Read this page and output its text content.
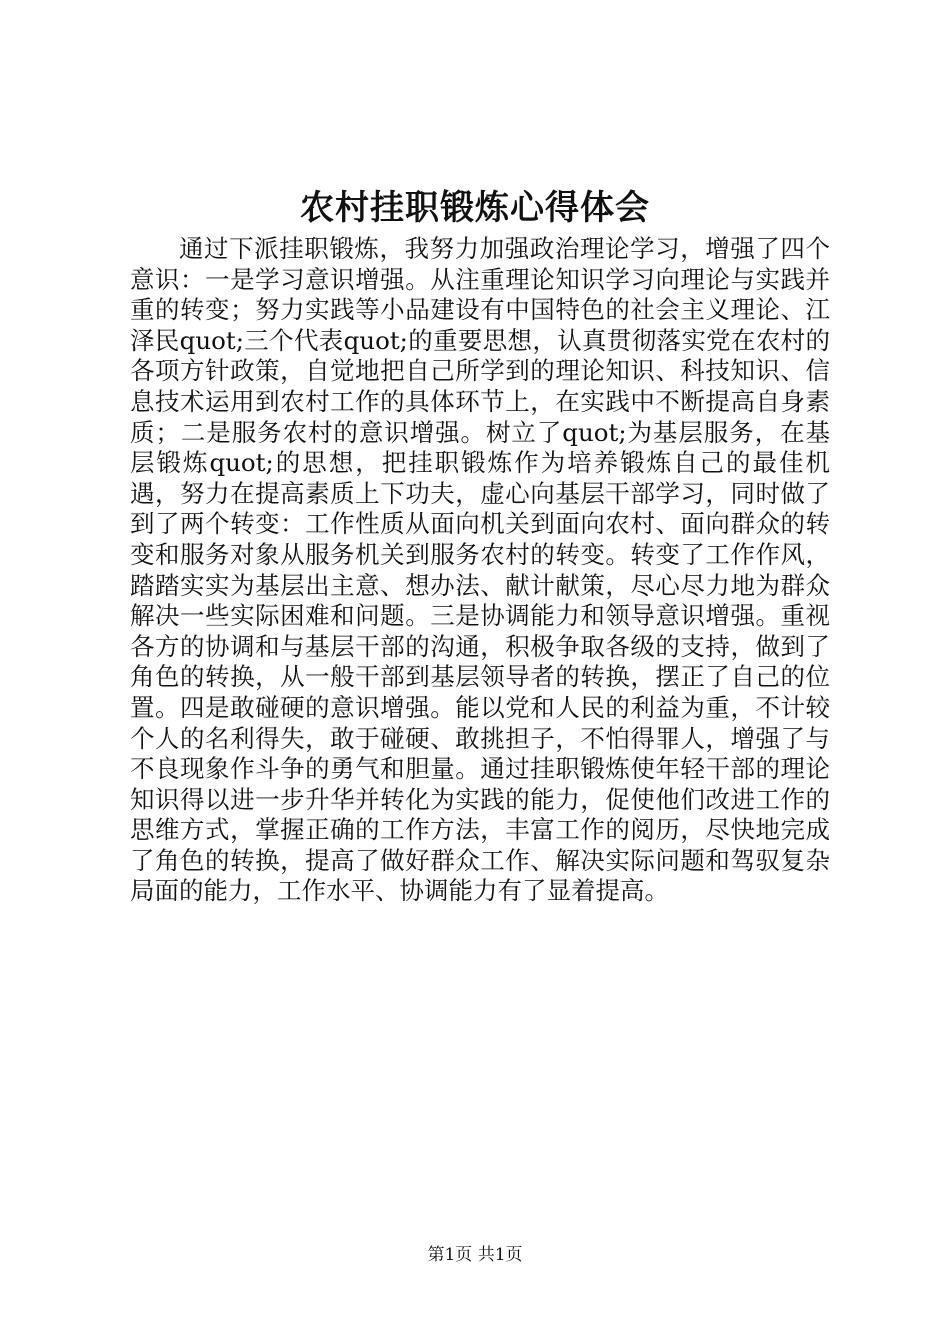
农村挂职锻炼心得体会

通过下派挂职锻炼，我努力加强政治理论学习，增强了四个意识：一是学习意识增强。从注重理论知识学习向理论与实践并重的转变；努力实践等小品建设有中国特色的社会主义理论、江泽民quot;三个代表quot;的重要思想，认真贯彻落实党在农村的各项方针政策，自觉地把自己所学到的理论知识、科技知识、信息技术运用到农村工作的具体环节上，在实践中不断提高自身素质；二是服务农村的意识增强。树立了quot;为基层服务，在基层锻炼quot;的思想，把挂职锻炼作为培养锻炼自己的最佳机遇，努力在提高素质上下功夫，虚心向基层干部学习，同时做了到了两个转变：工作性质从面向机关到面向农村、面向群众的转变和服务对象从服务机关到服务农村的转变。转变了工作作风，踏踏实实为基层出主意、想办法、献计献策，尽心尽力地为群众解决一些实际困难和问题。三是协调能力和领导意识增强。重视各方的协调和与基层干部的沟通，积极争取各级的支持，做到了角色的转换，从一般干部到基层领导者的转换，摆正了自己的位置。四是敢碰硬的意识增强。能以党和人民的利益为重，不计较个人的名利得失，敢于碰硬、敢挑担子，不怕得罪人，增强了与不良现象作斗争的勇气和胆量。通过挂职锻炼使年轻干部的理论知识得以进一步升华并转化为实践的能力，促使他们改进工作的思维方式，掌握正确的工作方法，丰富工作的阅历，尽快地完成了角色的转换，提高了做好群众工作、解决实际问题和驾驭复杂局面的能力，工作水平、协调能力有了显着提高。

第1页 共1页
